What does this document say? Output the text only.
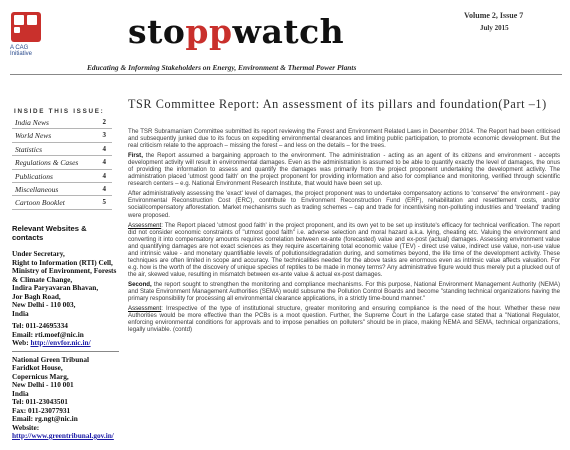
A CAG Initiative
stoppwatch	Volume 2, Issue 7
July 2015
Educating & Informing Stakeholders on Energy, Environment & Thermal Power Plants
INSIDE THIS ISSUE:
India News	2
World News	3
Statistics	4
Regulations & Cases	4
Publications	4
Miscellaneous	4
Cartoon Booklet	5
Relevant Websites & contacts
Under Secretary,
Right to Information (RTI) Cell,
Ministry of Environment, Forests & Climate Change,
Indira Paryavaran Bhavan,
Jor Bagh Road,
New Delhi - 110 003,
India
Tel: 011-24695334
Email: rti.moef@nic.in
Web: http://envfor.nic.in/
National Green Tribunal
Faridkot House,
Copernicus Marg,
New Delhi - 110 001
India
Tel: 011-23043501
Fax: 011-23077931
Email: rg.ngt@nic.in
Website: http://www.greentribunal.gov.in/
TSR Committee Report: An assessment of its pillars and foundation(Part –1)

The TSR Subramaniam Committee submitted its report reviewing the Forest and Environment Related Laws in December 2014. The Report had been criticised and subsequently junked due to its focus on expediting environmental clearances and limiting public participation, to promote economic development. But the real criticism relate to the approach – missing the forest – and less on the details – for the trees.

First, the Report assumed a bargaining approach to the environment. The administration - acting as an agent of its citizens and environment - accepts development activity will result in environmental damages. Even as the administration is assumed to be able to quantify exactly the level of damages, the onus of providing the information to assess and quantify the damages was primarily from the project proponent undertaking the development activity. The administration placed 'utmost good faith' on the project proponent for providing information and also for compliance and monitoring, verified through scientific research centers – e.g. National Environment Research Institute, that would have been set up.

After administratively assessing the 'exact' level of damages, the project proponent was to undertake compensatory actions to 'conserve' the environment - pay Environmental Reconstruction Cost (ERC), contribute to Environment Reconstruction Fund (ERF), rehabilitation and resettlement costs, and/or social/compensatory afforestation. Market mechanisms such as trading schemes – cap and trade for incentivising non-polluting industries and 'treeland' trading were proposed.

Assessment: The Report placed 'utmost good faith' in the project proponent, and its own yet to be set up institute's efficacy for technical verification. The report did not consider economic constraints of "utmost good faith" i.e. adverse selection and moral hazard a.k.a. lying, cheating etc. Valuing the environment and converting it into compensatory amounts requires correlation between ex-ante (forecasted) value and ex-post (actual) damages. Assessing environment value and quantifying damages are not exact sciences as they require ascertaining total economic value (TEV) - direct use value, indirect use value, non-use value and intrinsic value - and monetary quantifiable levels of pollutions/degradation during, and sometimes beyond, the life time of the development activity. These techniques are often limited in scope and accuracy. The technicalities needed for the above tasks are enormous even as intrinsic value affects valuation. For e.g. how is the worth of the discovery of unique species of reptiles to be made in money terms? Any administrative figure would thus merely put a plucked out of the air, skewed value, resulting in mismatch between ex-ante value & actual ex-post damages.

Second, the report sought to strengthen the monitoring and compliance mechanisms. For this purpose, National Environment Management Authority (NEMA) and State Environment Management Authorities (SEMA) would subsume the Pollution Control Boards and become "standing technical organizations having the primary responsibility for processing all environmental clearance applications, in a strictly time-bound manner."

Assessment: Irrespective of the type of institutional structure, greater monitoring and ensuring compliance is the need of the hour. Whether these new Authorities would be more effective than the PCBs is a moot question. Further, the Supreme Court in the Lafarge case stated that a "National Regulator, enforcing environmental conditions for approvals and to impose penalties on polluters" should be in place, making NEMA and SEMA, technical organizations, legally unviable. (contd)
